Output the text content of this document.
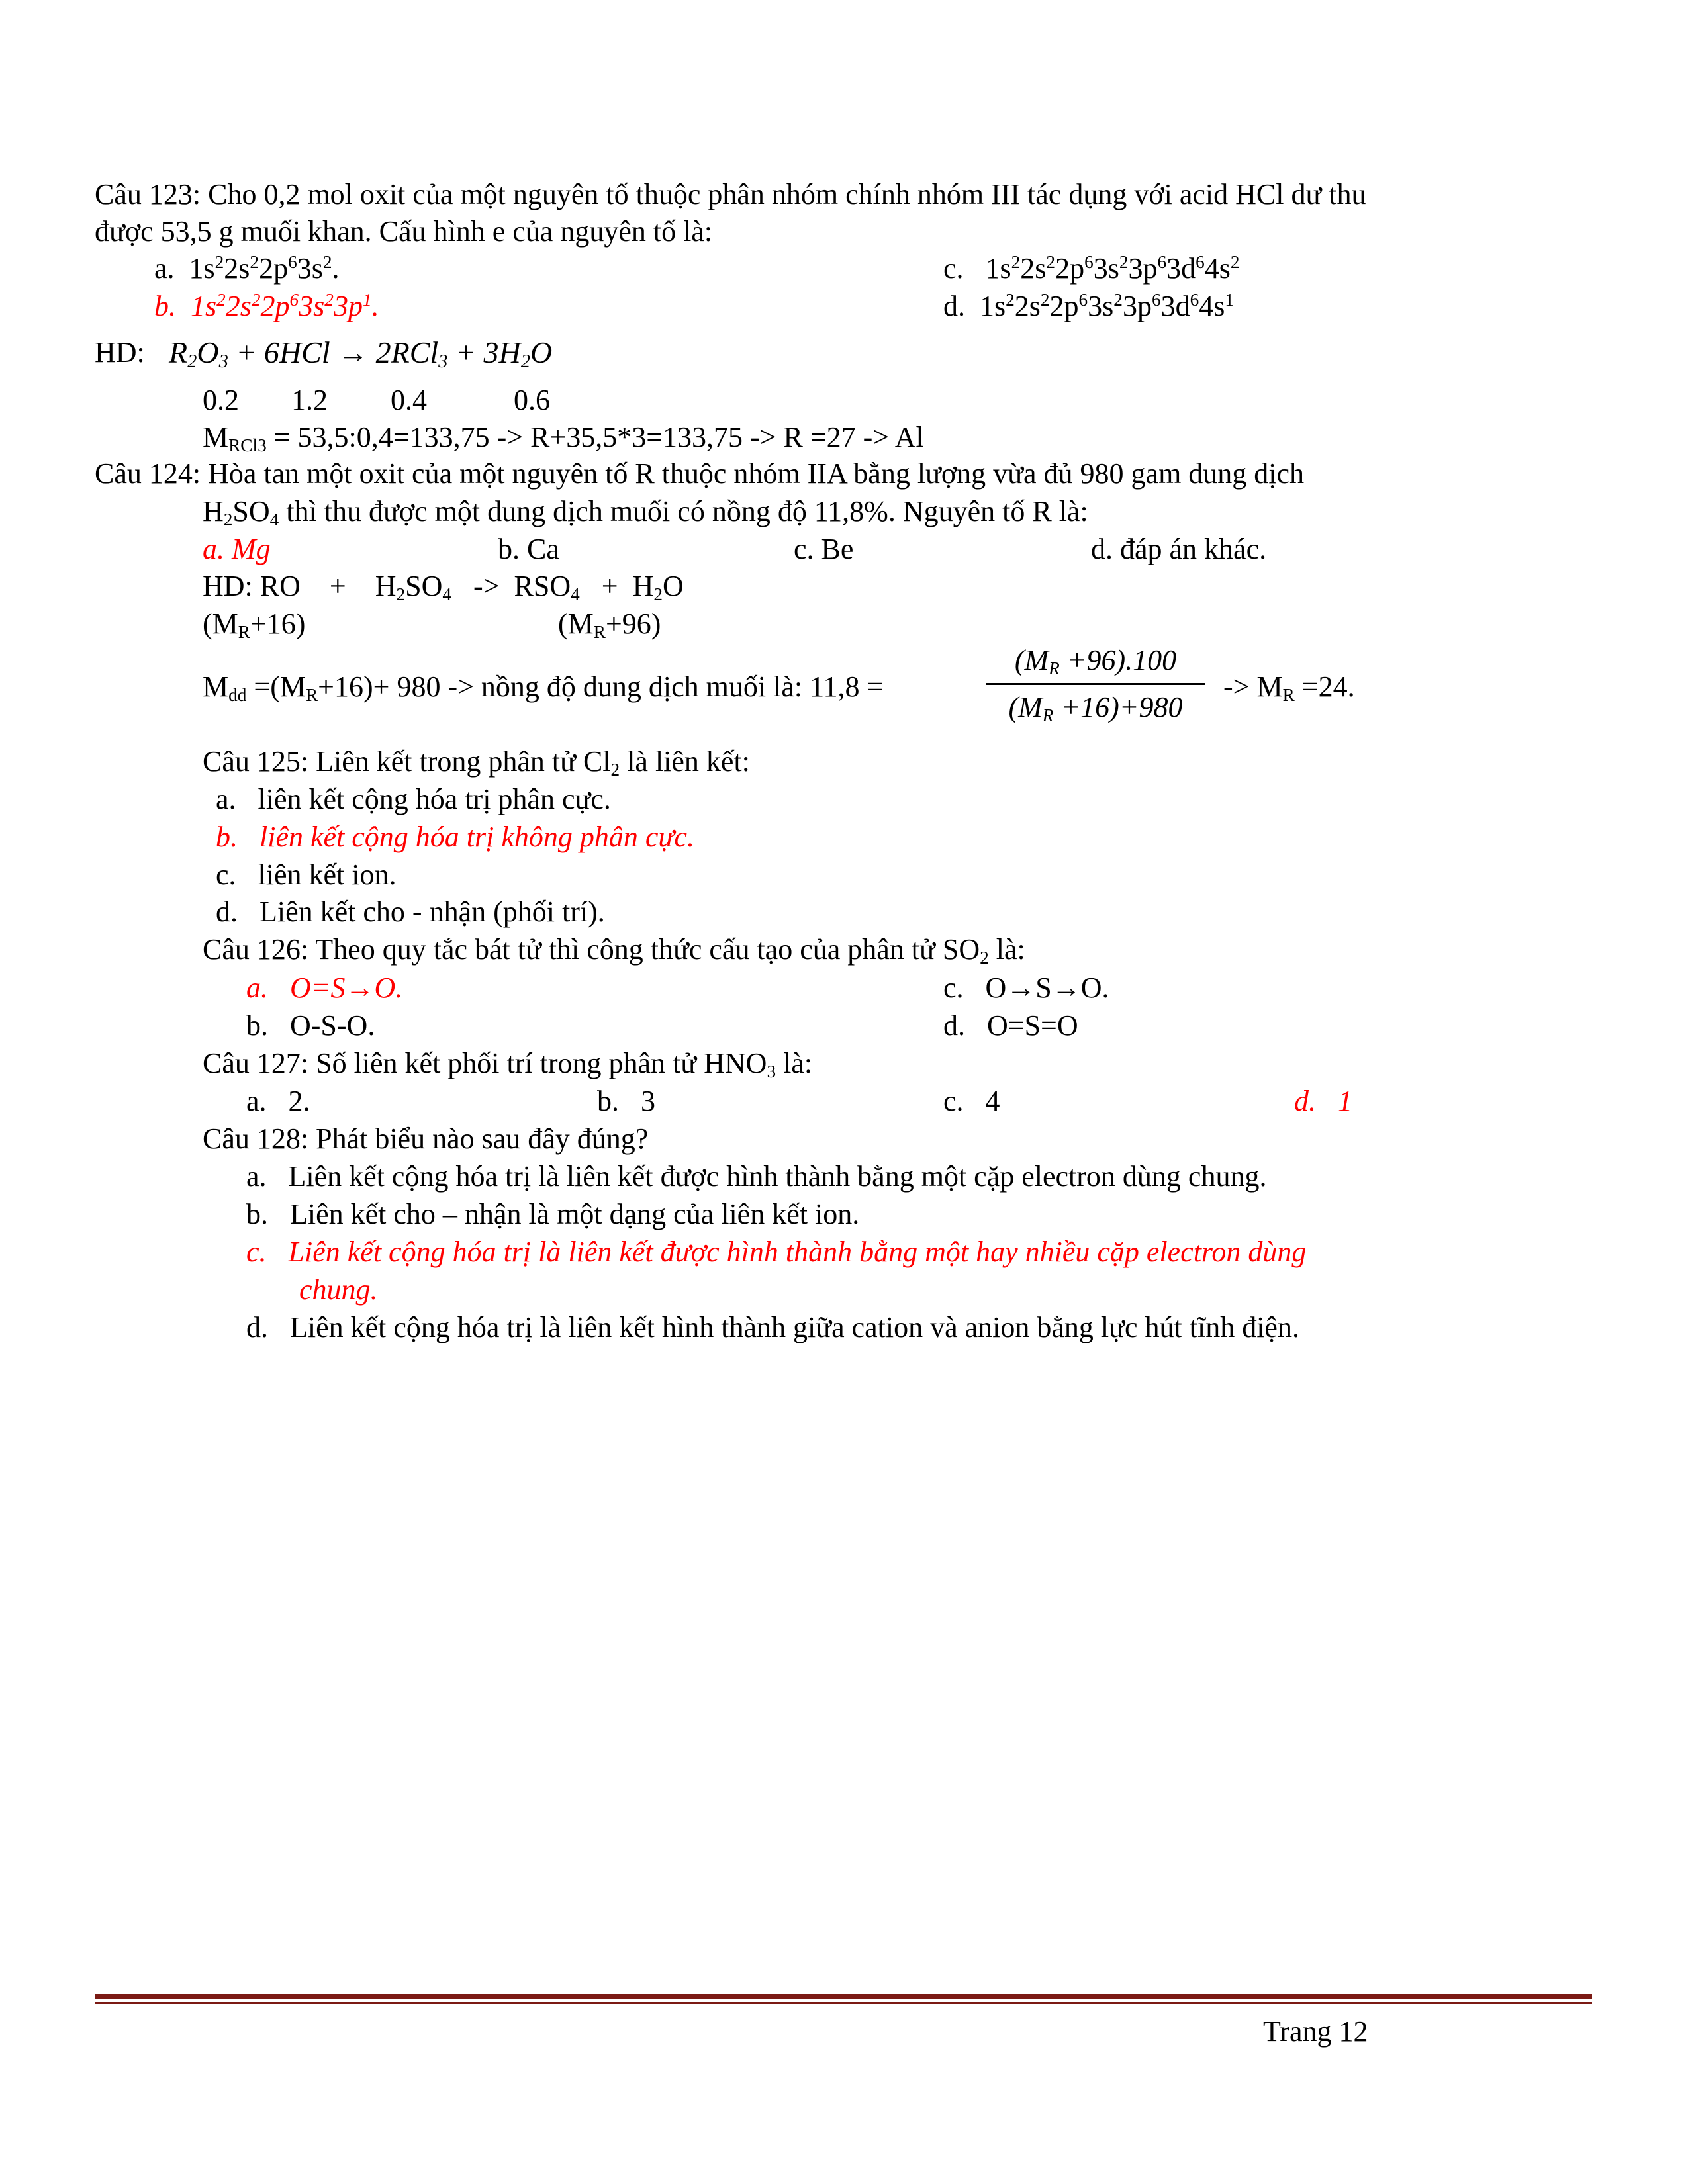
Câu 123: Cho 0,2 mol oxit của một nguyên tố thuộc phân nhóm chính nhóm III tác dụng với acid HCl dư thu
được 53,5 g muối khan. Cấu hình e của nguyên tố là:
a.  $1s^22s^22p^63s^2$.	c.   $1s^22s^22p^63s^23p^63d^64s^2$
b.  $1s^22s^22p^63s^23p^1$.	d.  $1s^22s^22p^63s^23p^63d^64s^1$
HD: $R_2O_3 + 6HCl \to 2RCl_3 + 3H_2O$
0.2 1.2 0.4	0.6
$M_{RCl3}$ = 53,5:0,4=133,75 -> R+35,5*3=133,75 -> R =27 -> Al
Câu 124: Hòa tan một oxit của một nguyên tố R thuộc nhóm IIA bằng lượng vừa đủ 980 gam dung dịch
$H_2SO_4$ thì thu được một dung dịch muối có nồng độ 11,8%. Nguyên tố R là:
a. Mg	b. Ca	c. Be	d. đáp án khác.
HD: RO +    $H_2SO_4 -> RSO_4 + H_2O$
$(M_R+16)$	$(M_R+96)$
$M_{dd} =(M_R+16)+ 980$ -> nồng độ dung dịch muối là: 11,8 =
$(M_R +96).100$
$(M_R +16)+980$
-> $M_R =24$.
Câu 125: Liên kết trong phân tử $Cl_2$ là liên kết:
a. liên kết cộng hóa trị phân cực.
b. liên kết cộng hóa trị không phân cực.
c. liên kết ion.
d. Liên kết cho - nhận (phối trí).
Câu 126: Theo quy tắc bát tử thì công thức cấu tạo của phân tử $SO_2$ là:
a. O=S→O.	c. O→S→O.
b. O-S-O.	d. O=S=O
Câu 127: Số liên kết phối trí trong phân tử $HNO_3$ là:
a.   2.	b.   3	c.   4	d.   1
Câu 128: Phát biểu nào sau đây đúng?
a. Liên kết cộng hóa trị là liên kết được hình thành bằng một cặp electron dùng chung.
b. Liên kết cho – nhận là một dạng của liên kết ion.
c. Liên kết cộng hóa trị là liên kết được hình thành bằng một hay nhiều cặp electron dùng
chung.
d. Liên kết cộng hóa trị là liên kết hình thành giữa cation và anion bằng lực hút tĩnh điện.
Trang 12
